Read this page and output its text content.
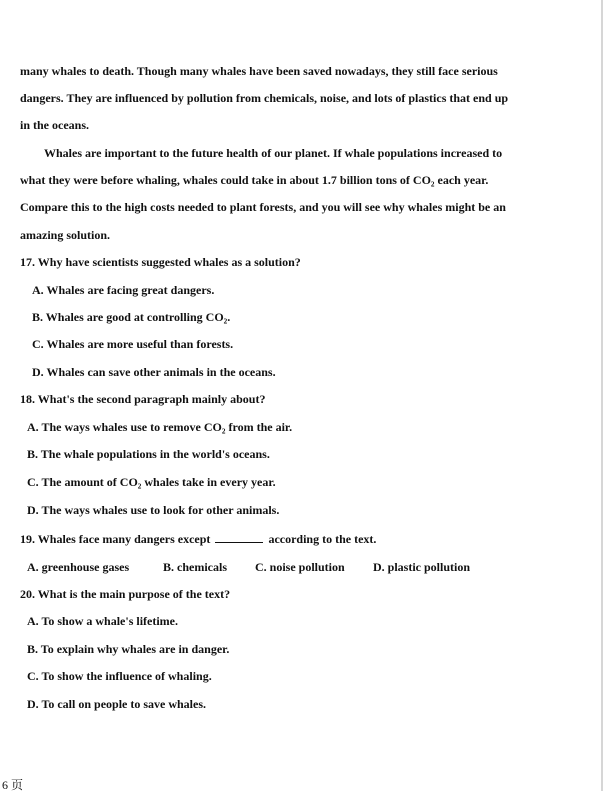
many whales to death. Though many whales have been saved nowadays, they still face serious
dangers. They are influenced by pollution from chemicals, noise, and lots of plastics that end up
in the oceans.
Whales are important to the future health of our planet. If whale populations increased to
what they were before whaling, whales could take in about 1.7 billion tons of CO₂ each year.
Compare this to the high costs needed to plant forests, and you will see why whales might be an
amazing solution.
17. Why have scientists suggested whales as a solution?
A. Whales are facing great dangers.
B. Whales are good at controlling CO₂.
C. Whales are more useful than forests.
D. Whales can save other animals in the oceans.
18. What's the second paragraph mainly about?
A. The ways whales use to remove CO₂ from the air.
B. The whale populations in the world's oceans.
C. The amount of CO₂ whales take in every year.
D. The ways whales use to look for other animals.
19. Whales face many dangers except	according to the text.
A. greenhouse gases	B. chemicals C. noise pollution D. plastic pollution
20. What is the main purpose of the text?
A. To show a whale's lifetime.
B. To explain why whales are in danger.
C. To show the influence of whaling.
D. To call on people to save whales.
6 页
